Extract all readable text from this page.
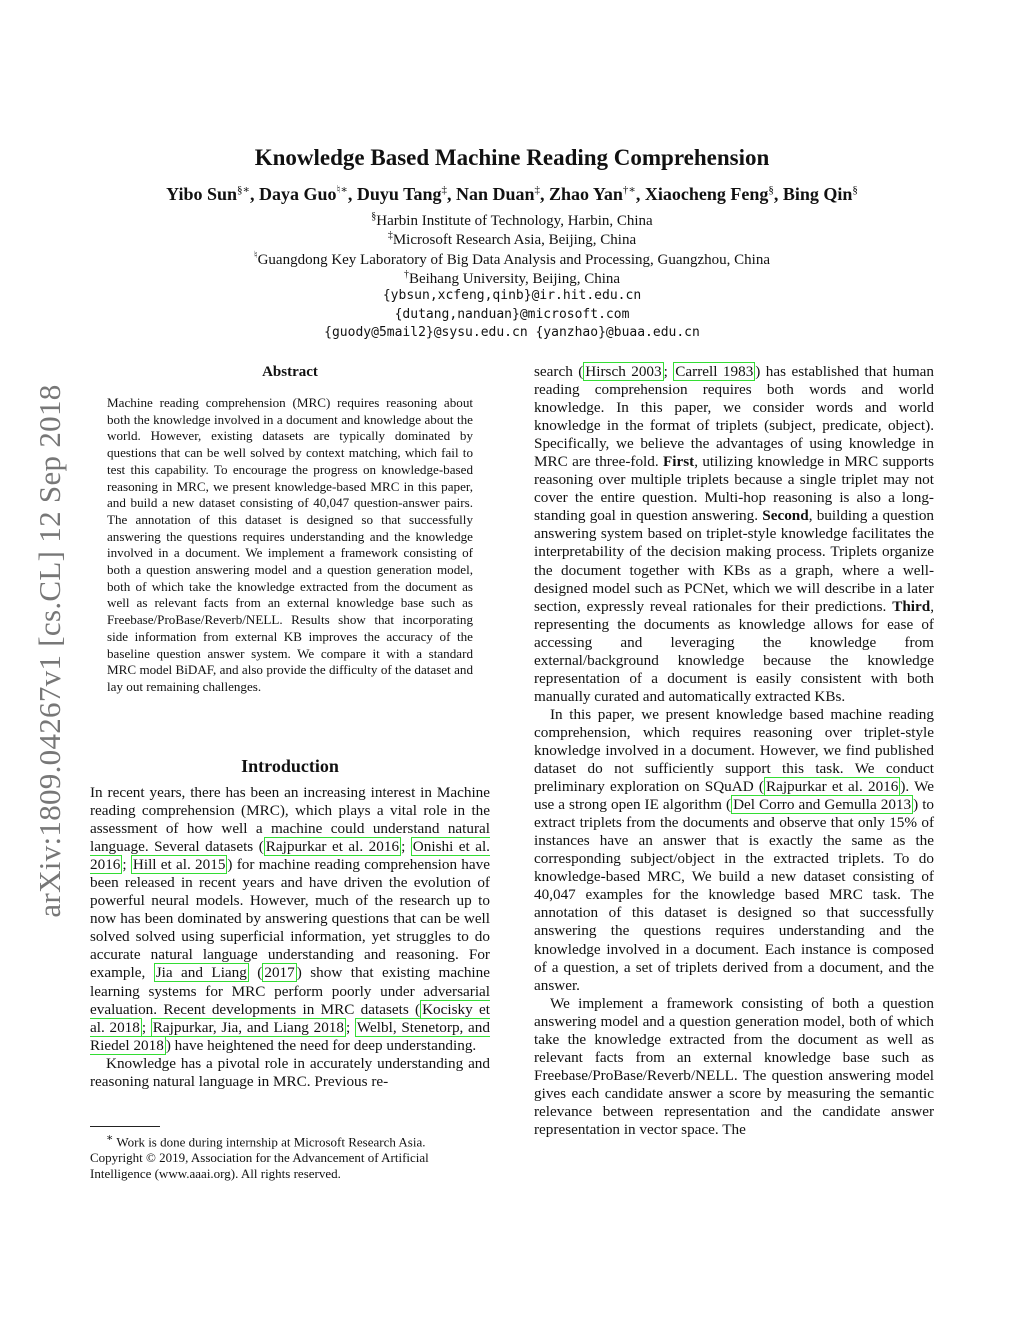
arXiv:1809.04267v1 [cs.CL] 12 Sep 2018
Knowledge Based Machine Reading Comprehension
Yibo Sun§∗, Daya Guo♮∗, Duyu Tang‡, Nan Duan‡, Zhao Yan†∗, Xiaocheng Feng§, Bing Qin§
§Harbin Institute of Technology, Harbin, China
‡Microsoft Research Asia, Beijing, China
♮Guangdong Key Laboratory of Big Data Analysis and Processing, Guangzhou, China
†Beihang University, Beijing, China
{ybsun,xcfeng,qinb}@ir.hit.edu.cn
{dutang,nanduan}@microsoft.com
{guody@5mail2}@sysu.edu.cn {yanzhao}@buaa.edu.cn
Abstract

Machine reading comprehension (MRC) requires reasoning about both the knowledge involved in a document and knowledge about the world. However, existing datasets are typically dominated by questions that can be well solved by context matching, which fail to test this capability. To encourage the progress on knowledge-based reasoning in MRC, we present knowledge-based MRC in this paper, and build a new dataset consisting of 40,047 question-answer pairs. The annotation of this dataset is designed so that successfully answering the questions requires understanding and the knowledge involved in a document. We implement a framework consisting of both a question answering model and a question generation model, both of which take the knowledge extracted from the document as well as relevant facts from an external knowledge base such as Freebase/ProBase/Reverb/NELL. Results show that incorporating side information from external KB improves the accuracy of the baseline question answer system. We compare it with a standard MRC model BiDAF, and also provide the difficulty of the dataset and lay out remaining challenges.

Introduction

In recent years, there has been an increasing interest in Machine reading comprehension (MRC), which plays a vital role in the assessment of how well a machine could understand natural language. Several datasets ( Rajpurkar et al. 2016 ; Onishi et al. 2016 ; Hill et al. 2015 ) for machine reading comprehension have been released in recent years and have driven the evolution of powerful neural models. However, much of the research up to now has been dominated by answering questions that can be well solved solved using superficial information, yet struggles to do accurate natural language understanding and reasoning. For example, Jia and Liang ( 2017 ) show that existing machine learning systems for MRC perform poorly under adversarial evaluation. Recent developments in MRC datasets ( Kocisky et al. 2018 ; Rajpurkar, Jia, and Liang 2018 ; Welbl, Stenetorp, and Riedel 2018 ) have heightened the need for deep understanding.

Knowledge has a pivotal role in accurately understanding and reasoning natural language in MRC. Previous re-

∗ Work is done during internship at Microsoft Research Asia.

Copyright © 2019, Association for the Advancement of Artificial Intelligence (www.aaai.org). All rights reserved.

search ( Hirsch 2003 ; Carrell 1983 ) has established that human reading comprehension requires both words and world knowledge. In this paper, we consider words and world knowledge in the format of triplets (subject, predicate, object). Specifically, we believe the advantages of using knowledge in MRC are three-fold. First, utilizing knowledge in MRC supports reasoning over multiple triplets because a single triplet may not cover the entire question. Multi-hop reasoning is also a long-standing goal in question answering. Second, building a question answering system based on triplet-style knowledge facilitates the interpretability of the decision making process. Triplets organize the document together with KBs as a graph, where a well-designed model such as PCNet, which we will describe in a later section, expressly reveal rationales for their predictions. Third, representing the documents as knowledge allows for ease of accessing and leveraging the knowledge from external/background knowledge because the knowledge representation of a document is easily consistent with both manually curated and automatically extracted KBs.

In this paper, we present knowledge based machine reading comprehension, which requires reasoning over triplet-style knowledge involved in a document. However, we find published dataset do not sufficiently support this task. We conduct preliminary exploration on SQuAD ( Rajpurkar et al. 2016 ). We use a strong open IE algorithm ( Del Corro and Gemulla 2013 ) to extract triplets from the documents and observe that only 15% of instances have an answer that is exactly the same as the corresponding subject/object in the extracted triplets. To do knowledge-based MRC, We build a new dataset consisting of 40,047 examples for the knowledge based MRC task. The annotation of this dataset is designed so that successfully answering the questions requires understanding and the knowledge involved in a document. Each instance is composed of a question, a set of triplets derived from a document, and the answer.

We implement a framework consisting of both a question answering model and a question generation model, both of which take the knowledge extracted from the document as well as relevant facts from an external knowledge base such as Freebase/ProBase/Reverb/NELL. The question answering model gives each candidate answer a score by measuring the semantic relevance between representation and the candidate answer representation in vector space. The
